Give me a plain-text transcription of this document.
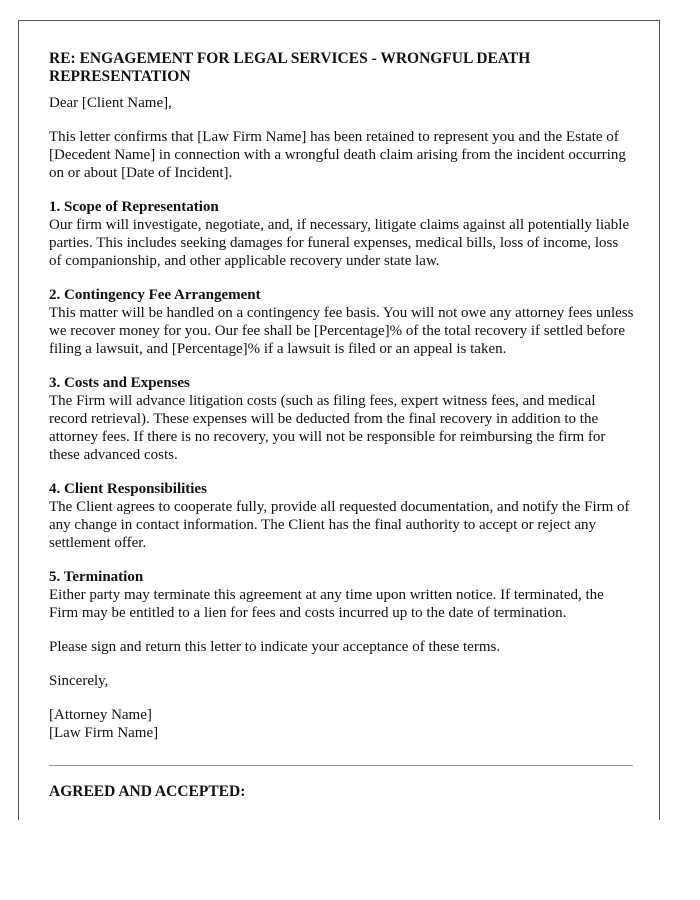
RE: ENGAGEMENT FOR LEGAL SERVICES - WRONGFUL DEATH REPRESENTATION

Dear [Client Name],

This letter confirms that [Law Firm Name] has been retained to represent you and the Estate of [Decedent Name] in connection with a wrongful death claim arising from the incident occurring on or about [Date of Incident].

1. Scope of Representation
Our firm will investigate, negotiate, and, if necessary, litigate claims against all potentially liable parties. This includes seeking damages for funeral expenses, medical bills, loss of income, loss of companionship, and other applicable recovery under state law.
2. Contingency Fee Arrangement
This matter will be handled on a contingency fee basis. You will not owe any attorney fees unless we recover money for you. Our fee shall be [Percentage]% of the total recovery if settled before filing a lawsuit, and [Percentage]% if a lawsuit is filed or an appeal is taken.
3. Costs and Expenses
The Firm will advance litigation costs (such as filing fees, expert witness fees, and medical record retrieval). These expenses will be deducted from the final recovery in addition to the attorney fees. If there is no recovery, you will not be responsible for reimbursing the firm for these advanced costs.
4. Client Responsibilities
The Client agrees to cooperate fully, provide all requested documentation, and notify the Firm of any change in contact information. The Client has the final authority to accept or reject any settlement offer.
5. Termination
Either party may terminate this agreement at any time upon written notice. If terminated, the Firm may be entitled to a lien for fees and costs incurred up to the date of termination.

Please sign and return this letter to indicate your acceptance of these terms.

Sincerely,

[Attorney Name]
[Law Firm Name]
AGREED AND ACCEPTED:
